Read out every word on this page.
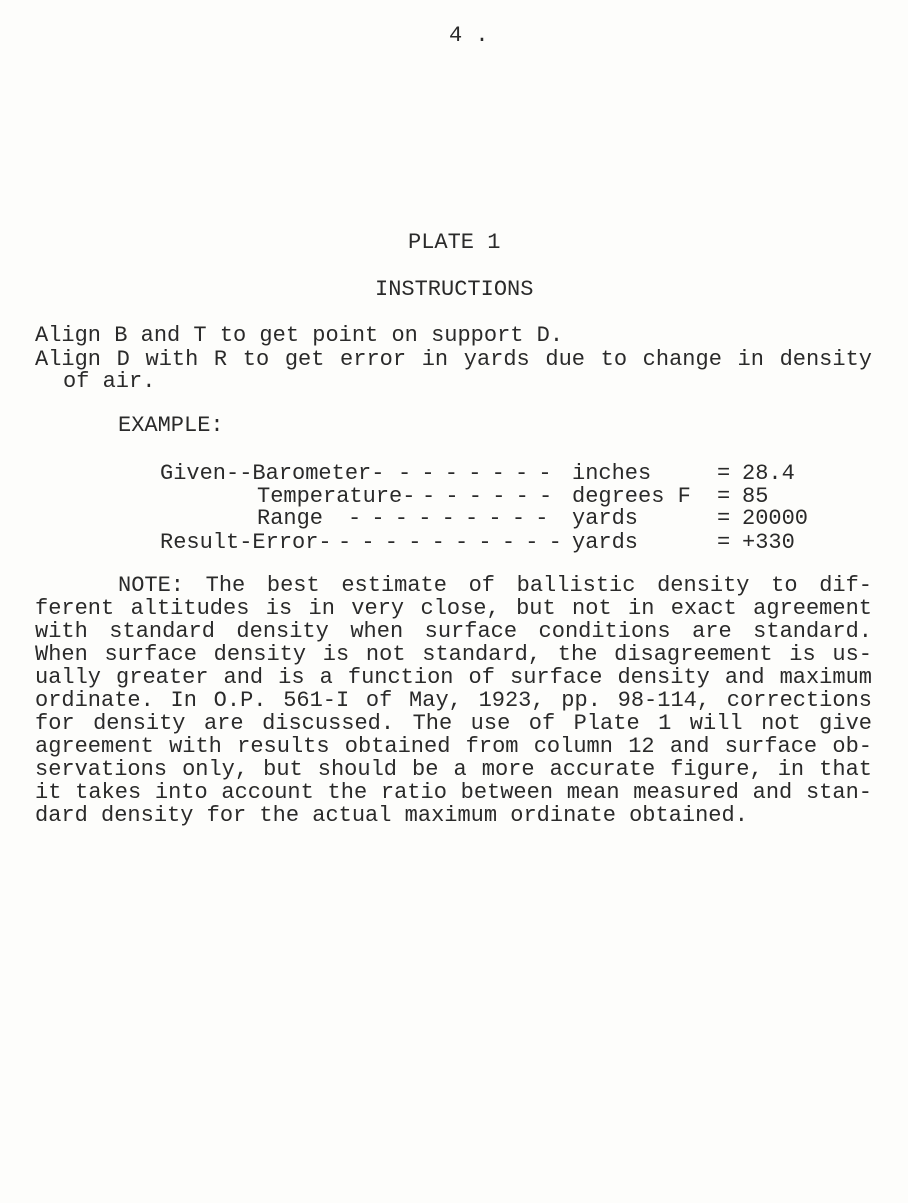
4 .
PLATE 1
INSTRUCTIONS
Align B and T to get point on support D.
Align D with R to get error in yards due to change in density
of air.
EXAMPLE:
Given--Barometer- - - - - - - - inches	= 28.4
Temperature- - - - - - - degrees F = 85
Range - - - - - - - - - yards	= 20000
Result-Error- - - - - - - - - - - yards	= +330
NOTE: The best estimate of ballistic density to dif-
ferent altitudes is in very close, but not in exact agreement
with standard density when surface conditions are standard.
When surface density is not standard, the disagreement is us-
ually greater and is a function of surface density and maximum
ordinate. In O.P. 561-I of May, 1923, pp. 98-114, corrections
for density are discussed. The use of Plate 1 will not give
agreement with results obtained from column 12 and surface ob-
servations only, but should be a more accurate figure, in that
it takes into account the ratio between mean measured and stan-
dard density for the actual maximum ordinate obtained.
